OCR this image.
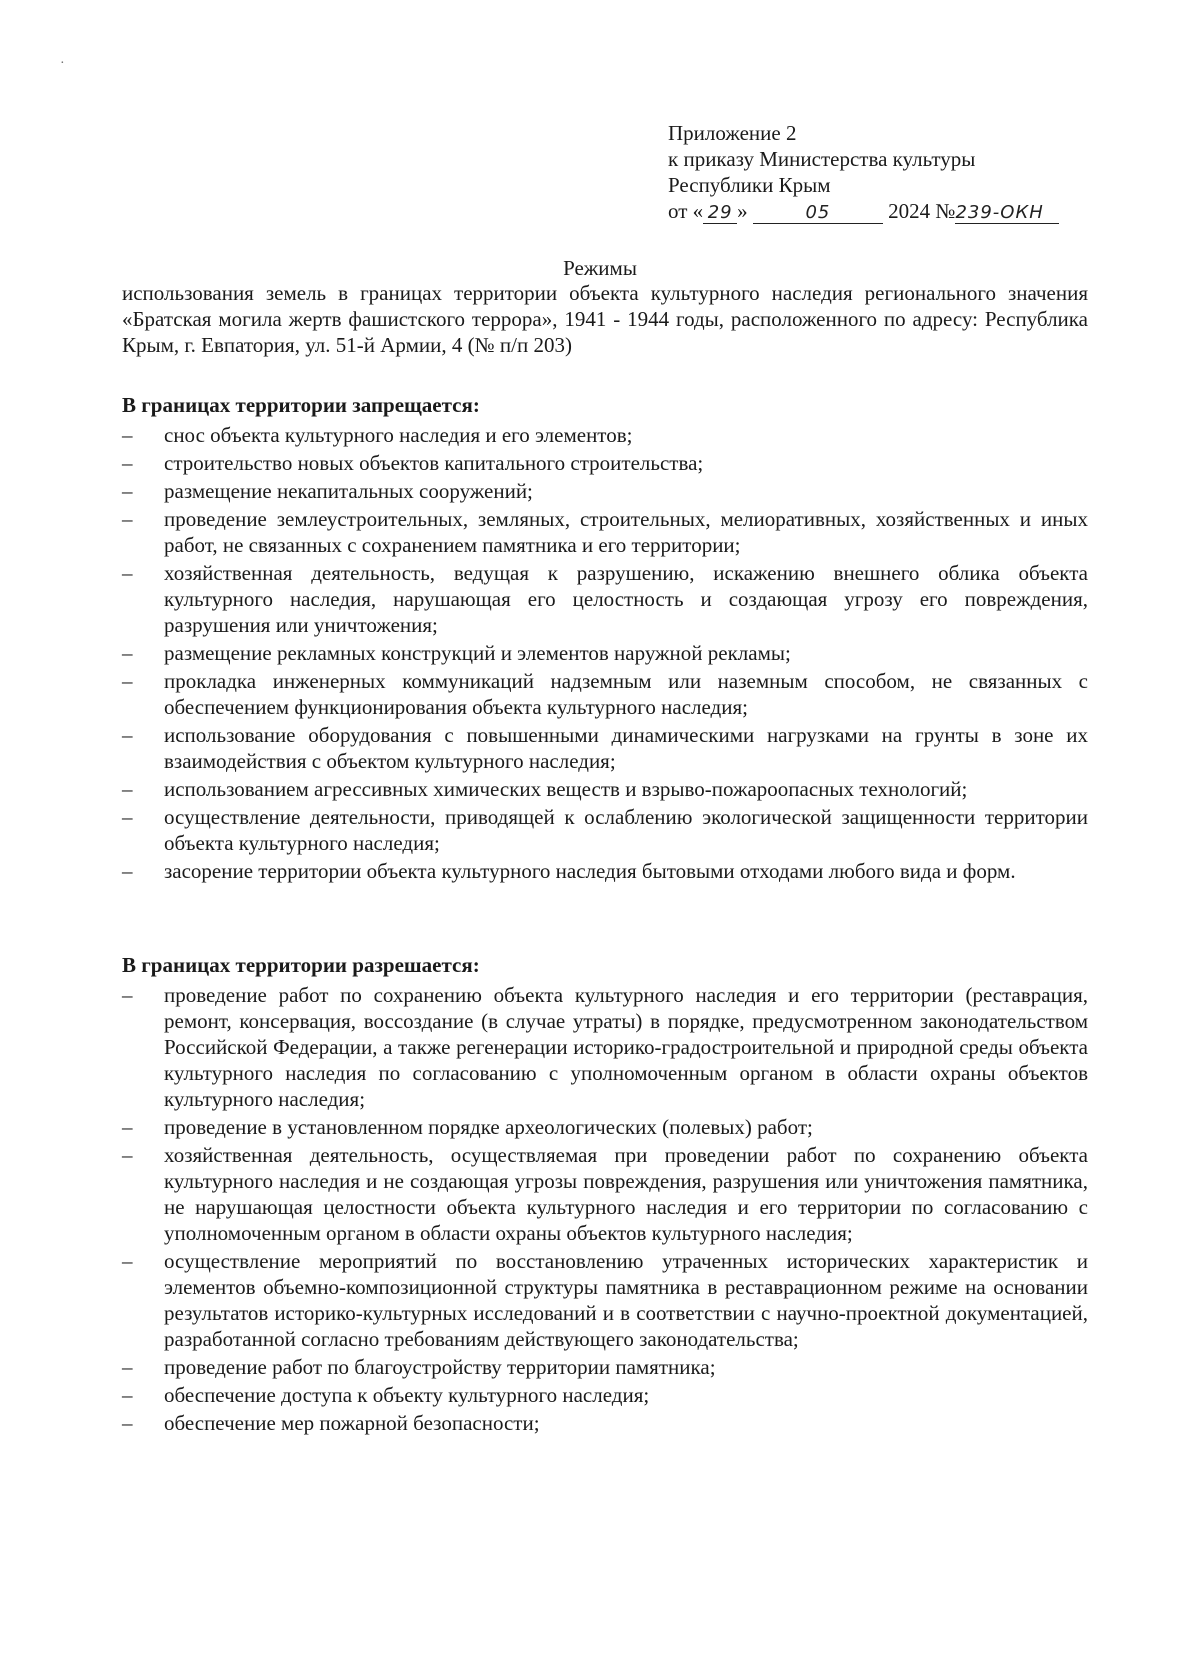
·
Приложение 2
к приказу Министерства культуры
Республики Крым
от « 29 »	05	2024 №239-ОКН
Режимы
использования земель в границах территории объекта культурного наследия регионального значения «Братская могила жертв фашистского террора», 1941 - 1944 годы, расположенного по адресу: Республика Крым, г. Евпатория, ул. 51-й Армии, 4 (№ п/п 203)
В границах территории запрещается:
– снос объекта культурного наследия и его элементов;
– строительство новых объектов капитального строительства;
– размещение некапитальных сооружений;
– проведение землеустроительных, земляных, строительных, мелиоративных, хозяйственных и иных работ, не связанных с сохранением памятника и его территории;
– хозяйственная деятельность, ведущая к разрушению, искажению внешнего облика объекта культурного наследия, нарушающая его целостность и создающая угрозу его повреждения, разрушения или уничтожения;
– размещение рекламных конструкций и элементов наружной рекламы;
– прокладка инженерных коммуникаций надземным или наземным способом, не связанных с обеспечением функционирования объекта культурного наследия;
– использование оборудования с повышенными динамическими нагрузками на грунты в зоне их взаимодействия с объектом культурного наследия;
– использованием агрессивных химических веществ и взрыво-пожароопасных технологий;
– осуществление деятельности, приводящей к ослаблению экологической защищенности территории объекта культурного наследия;
– засорение территории объекта культурного наследия бытовыми отходами любого вида и форм.
В границах территории разрешается:
– проведение работ по сохранению объекта культурного наследия и его территории (реставрация, ремонт, консервация, воссоздание (в случае утраты) в порядке, предусмотренном законодательством Российской Федерации, а также регенерации историко-градостроительной и природной среды объекта культурного наследия по согласованию с уполномоченным органом в области охраны объектов культурного наследия;
– проведение в установленном порядке археологических (полевых) работ;
– хозяйственная деятельность, осуществляемая при проведении работ по сохранению объекта культурного наследия и не создающая угрозы повреждения, разрушения или уничтожения памятника, не нарушающая целостности объекта культурного наследия и его территории по согласованию с уполномоченным органом в области охраны объектов культурного наследия;
– осуществление мероприятий по восстановлению утраченных исторических характеристик и элементов объемно-композиционной структуры памятника в реставрационном режиме на основании результатов историко-культурных исследований и в соответствии с научно-проектной документацией, разработанной согласно требованиям действующего законодательства;
– проведение работ по благоустройству территории памятника;
– обеспечение доступа к объекту культурного наследия;
– обеспечение мер пожарной безопасности;
